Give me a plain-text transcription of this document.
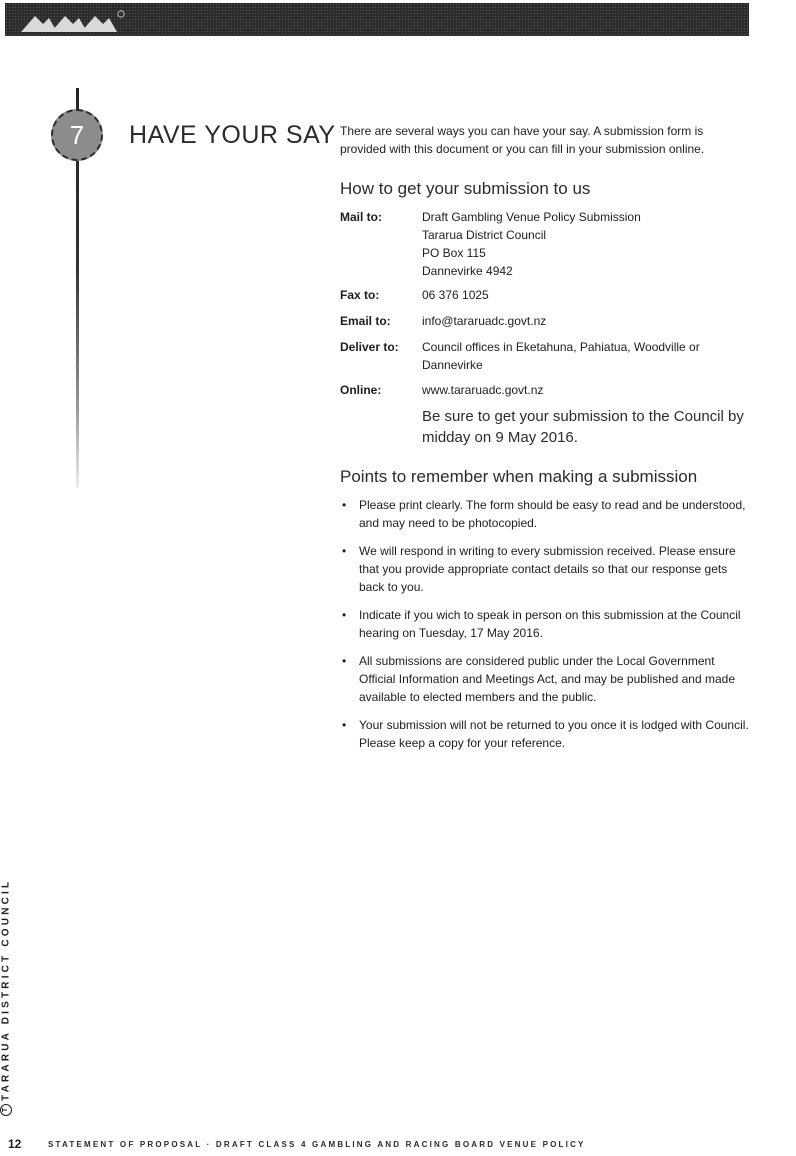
7	HAVE YOUR SAY There are several ways you can have your say. A submission form is provided with this document or you can fill in your submission online.

How to get your submission to us
Mail to:	Draft Gambling Venue Policy Submission
Tararua District Council
PO Box 115
Dannevirke 4942
Fax to:	06 376 1025
Email to:	info@tararuadc.govt.nz
Deliver to:	Council offices in Eketahuna, Pahiatua, Woodville or Dannevirke
Online:	www.tararuadc.govt.nz
Be sure to get your submission to the Council by midday on 9 May 2016.
Points to remember when making a submission
• Please print clearly. The form should be easy to read and be understood, and may need to be photocopied.
• We will respond in writing to every submission received. Please ensure that you provide appropriate contact details so that our response gets back to you.
• Indicate if you wich to speak in person on this submission at the Council hearing on Tuesday, 17 May 2016.
• All submissions are considered public under the Local Government Official Information and Meetings Act, and may be published and made available to elected members and the public.
• Your submission will not be returned to you once it is lodged with Council. Please keep a copy for your reference.
TTARARUA DISTRICT COUNCIL
12	STATEMENT OF PROPOSAL · DRAFT CLASS 4 GAMBLING AND RACING BOARD VENUE POLICY
